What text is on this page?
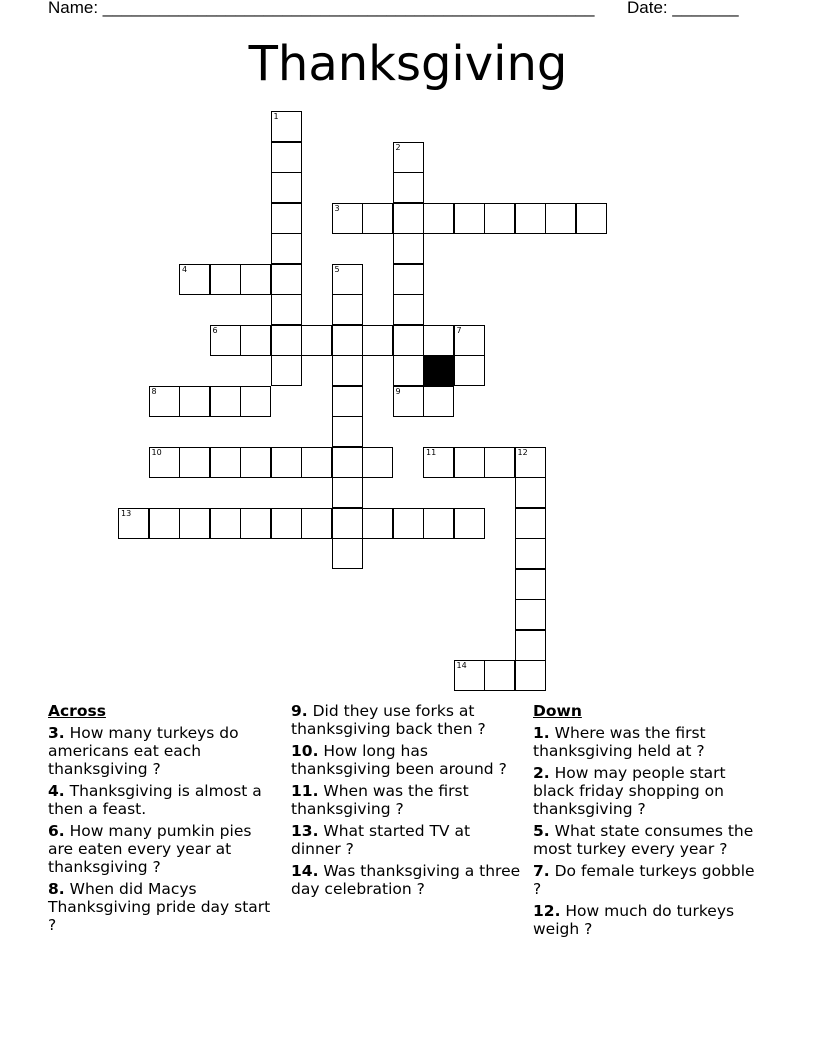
Name: ____________________________________________________ Date: _______
Thanksgiving
1
2
9
3
4	5
6	7
8
10	11	12
13
14
Across
3. How many turkeys do americans eat each thanksgiving ?
4. Thanksgiving is almost a then a feast.
6. How many pumkin pies are eaten every year at thanksgiving ?
8. When did Macys Thanksgiving pride day start ?
9. Did they use forks at thanksgiving back then ?
10. How long has thanksgiving been around ?
11. When was the first thanksgiving ?
13. What started TV at dinner ?
14. Was thanksgiving a three day celebration ?
Down
1. Where was the first thanksgiving held at ?
2. How may people start black friday shopping on thanksgiving ?
5. What state consumes the most turkey every year ?
7. Do female turkeys gobble ?
12. How much do turkeys weigh ?
